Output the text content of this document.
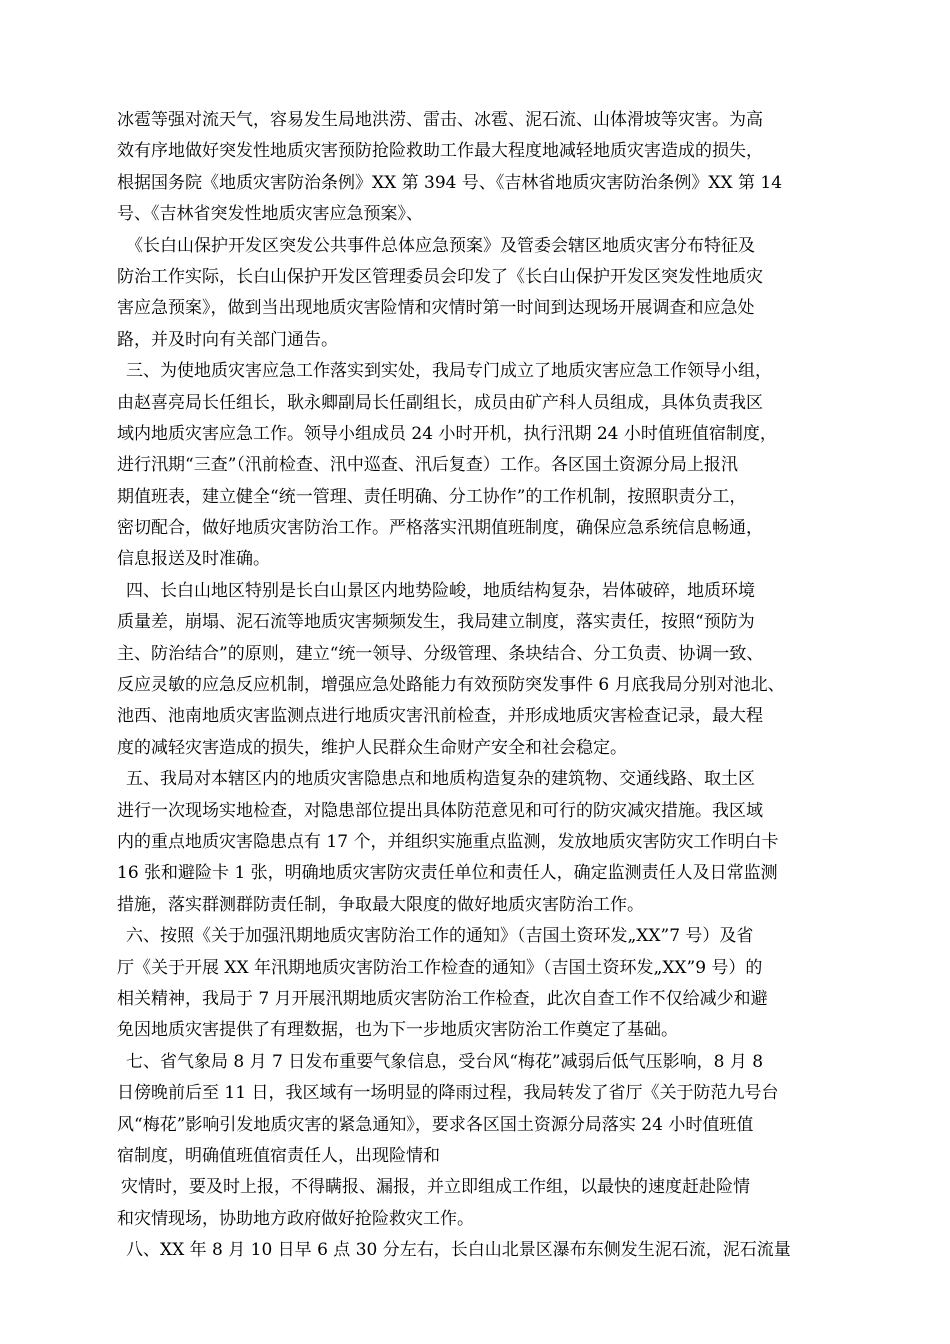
冰雹等强对流天气，容易发生局地洪涝、雷击、冰雹、泥石流、山体滑坡等灾害。为高
效有序地做好突发性地质灾害预防抢险救助工作最大程度地减轻地质灾害造成的损失，
根据国务院《地质灾害防治条例》XX 第 394 号、《吉林省地质灾害防治条例》XX 第 14
号、《吉林省突发性地质灾害应急预案》、
《长白山保护开发区突发公共事件总体应急预案》及管委会辖区地质灾害分布特征及
防治工作实际，长白山保护开发区管理委员会印发了《长白山保护开发区突发性地质灾
害应急预案》，做到当出现地质灾害险情和灾情时第一时间到达现场开展调查和应急处
路，并及时向有关部门通告。
三、为使地质灾害应急工作落实到实处，我局专门成立了地质灾害应急工作领导小组，
由赵喜亮局长任组长，耿永卿副局长任副组长，成员由矿产科人员组成，具体负责我区
域内地质灾害应急工作。领导小组成员 24 小时开机，执行汛期 24 小时值班值宿制度，
进行汛期“三查”（汛前检查、汛中巡查、汛后复查）工作。各区国土资源分局上报汛
期值班表，建立健全“统一管理、责任明确、分工协作”的工作机制，按照职责分工，
密切配合，做好地质灾害防治工作。严格落实汛期值班制度，确保应急系统信息畅通，
信息报送及时准确。
四、长白山地区特别是长白山景区内地势险峻，地质结构复杂，岩体破碎，地质环境
质量差，崩塌、泥石流等地质灾害频频发生，我局建立制度，落实责任，按照“预防为
主、防治结合”的原则，建立“统一领导、分级管理、条块结合、分工负责、协调一致、
反应灵敏的应急反应机制，增强应急处路能力有效预防突发事件 6 月底我局分别对池北、
池西、池南地质灾害监测点进行地质灾害汛前检查，并形成地质灾害检查记录，最大程
度的减轻灾害造成的损失，维护人民群众生命财产安全和社会稳定。
五、我局对本辖区内的地质灾害隐患点和地质构造复杂的建筑物、交通线路、取土区
进行一次现场实地检查，对隐患部位提出具体防范意见和可行的防灾减灾措施。我区域
内的重点地质灾害隐患点有 17 个，并组织实施重点监测，发放地质灾害防灾工作明白卡
16 张和避险卡 1 张，明确地质灾害防灾责任单位和责任人，确定监测责任人及日常监测
措施，落实群测群防责任制，争取最大限度的做好地质灾害防治工作。
六、按照《关于加强汛期地质灾害防治工作的通知》（吉国土资环发„XX”7 号）及省
厅《关于开展 XX 年汛期地质灾害防治工作检查的通知》（吉国土资环发„XX”9 号）的
相关精神，我局于 7 月开展汛期地质灾害防治工作检查，此次自查工作不仅给减少和避
免因地质灾害提供了有理数据，也为下一步地质灾害防治工作奠定了基础。
七、省气象局 8 月 7 日发布重要气象信息，受台风“梅花”减弱后低气压影响，8 月 8
日傍晚前后至 11 日，我区域有一场明显的降雨过程，我局转发了省厅《关于防范九号台
风“梅花”影响引发地质灾害的紧急通知》，要求各区国土资源分局落实 24 小时值班值
宿制度，明确值班值宿责任人，出现险情和
灾情时，要及时上报，不得瞒报、漏报，并立即组成工作组，以最快的速度赶赴险情
和灾情现场，协助地方政府做好抢险救灾工作。
八、XX 年 8 月 10 日早 6 点 30 分左右，长白山北景区瀑布东侧发生泥石流，泥石流量
